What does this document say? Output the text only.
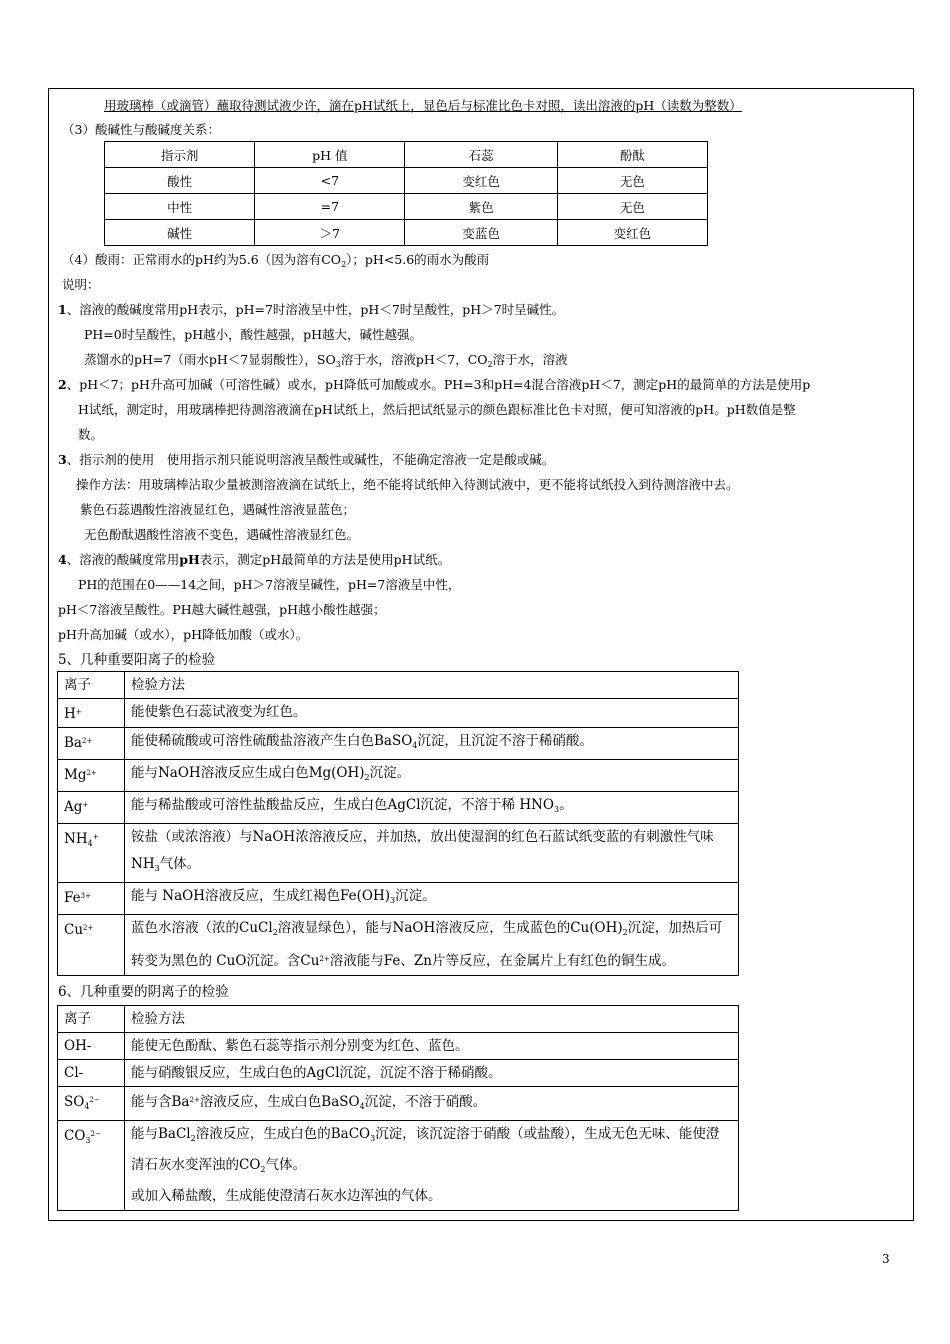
用玻璃棒（或滴管）蘸取待测试液少许，滴在pH试纸上，显色后与标准比色卡对照，读出溶液的pH（读数为整数）
（3）酸碱性与酸碱度关系：
指示剂	pH 值	石蕊	酚酞
酸性	<7	变红色	无色
中性	=7	紫色	无色
碱性	＞7	变蓝色	变红色
（4）酸雨：正常雨水的pH约为5.6（因为溶有$CO_2$）；pH<5.6的雨水为酸雨
说明：
1、溶液的酸碱度常用pH表示，pH=7时溶液呈中性，pH＜7时呈酸性，pH＞7时呈碱性。
PH=0时呈酸性，pH越小，酸性越强，pH越大，碱性越强。
蒸馏水的pH=7（雨水pH＜7显弱酸性），$SO_3$溶于水，溶液pH＜7，$CO_2$溶于水，溶液
2、pH＜7；pH升高可加碱（可溶性碱）或水，pH降低可加酸或水。PH=3和pH=4混合溶液pH＜7，测定pH的最简单的方法是使用p
H试纸，测定时，用玻璃棒把待测溶液滴在pH试纸上，然后把试纸显示的颜色跟标准比色卡对照，便可知溶液的pH。pH数值是整
数。
3、指示剂的使用　使用指示剂只能说明溶液呈酸性或碱性，不能确定溶液一定是酸或碱。
操作方法：用玻璃棒沾取少量被测溶液滴在试纸上，绝不能将试纸伸入待测试液中，更不能将试纸投入到待测溶液中去。
紫色石蕊遇酸性溶液显红色，遇碱性溶液显蓝色；
无色酚酞遇酸性溶液不变色，遇碱性溶液显红色。
4、溶液的酸碱度常用pH表示，测定pH最简单的方法是使用pH试纸。
PH的范围在0——14之间，pH＞7溶液呈碱性，pH=7溶液呈中性，
pH＜7溶液呈酸性。PH越大碱性越强，pH越小酸性越强；
pH升高加碱（或水），pH降低加酸（或水）。
5、几种重要阳离子的检验
离子	检验方法
H+	能使紫色石蕊试液变为红色。
$Ba^{2+}$	能使稀硫酸或可溶性硫酸盐溶液产生白色BaSO$_4$沉淀，且沉淀不溶于稀硝酸。
$Mg^{2+}$	能与NaOH溶液反应生成白色$Mg(OH)_2$沉淀。
Ag+	能与稀盐酸或可溶性盐酸盐反应，生成白色AgCl沉淀，不溶于稀 $HNO_3$。
$NH_4^+$	铵盐（或浓溶液）与NaOH浓溶液反应，并加热，放出使湿润的红色石蓝试纸变蓝的有刺激性气味$NH_3$气体。
$Fe^{3+}$	能与 NaOH溶液反应，生成红褐色$Fe(OH)_3$沉淀。
$Cu^{2+}$	蓝色水溶液（浓的CuCl$_2$溶液显绿色），能与NaOH溶液反应，生成蓝色的$Cu(OH)_2$沉淀，加热后可转变为黑色的 CuO沉淀。含$Cu^{2+}$溶液能与Fe、Zn片等反应，在金属片上有红色的铜生成。
6、几种重要的阴离子的检验
离子	检验方法
OH-	能使无色酚酞、紫色石蕊等指示剂分别变为红色、蓝色。
Cl-	能与硝酸银反应，生成白色的AgCl沉淀，沉淀不溶于稀硝酸。
$SO_4^{2-}$	能与含$Ba^{2+}$溶液反应，生成白色BaSO$_4$沉淀，不溶于硝酸。
$CO_3^{2-}$	能与BaCl$_2$溶液反应，生成白色的BaCO$_3$沉淀，该沉淀溶于硝酸（或盐酸），生成无色无味、能使澄清石灰水变浑浊的$CO_2$气体。
或加入稀盐酸，生成能使澄清石灰水边浑浊的气体。
3
